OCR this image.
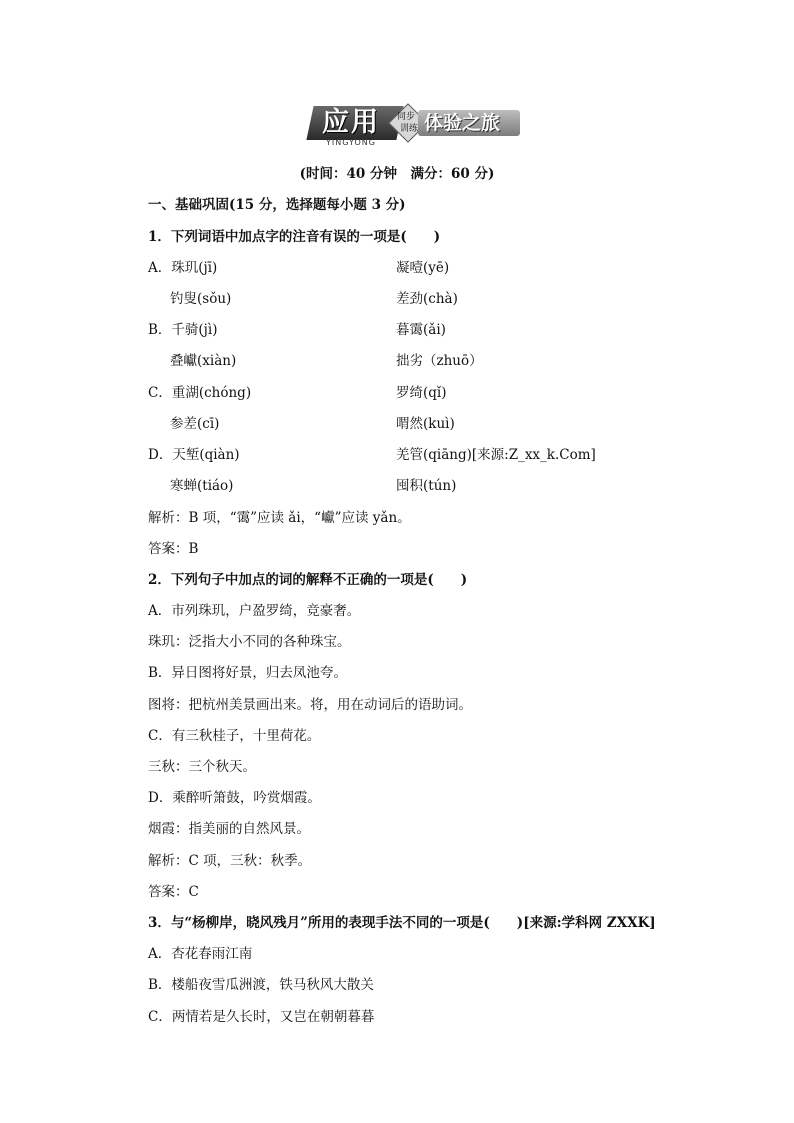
应用 同步
训练 体验之旅
YINGYONG
(时间：40 分钟　满分：60 分)
一、基础巩固(15 分，选择题每小题 3 分)
1．下列词语中加点字的注音有误的一项是(　　)
A．珠玑(jī)	凝噎(yē)
钓叟(sǒu)	差劲(chà)
B．千骑(jì)	暮霭(ǎi)
叠巘(xiàn)	拙劣（zhuō）
C．重湖(chóng)	罗绮(qǐ)
参差(cī)	喟然(kuì)
D．天堑(qiàn)	羌管(qiāng)[来源:Z_xx_k.Com]
寒蝉(tiáo)	囤积(tún)
解析：B 项，“霭”应读 ǎi，“巘”应读 yǎn。
答案：B
2．下列句子中加点的词的解释不正确的一项是(　　)
A．市列珠玑，户盈罗绮，竞豪奢。
珠玑：泛指大小不同的各种珠宝。
B．异日图将好景，归去凤池夸。
图将：把杭州美景画出来。将，用在动词后的语助词。
C．有三秋桂子，十里荷花。
三秋：三个秋天。
D．乘醉听箫鼓，吟赏烟霞。
烟霞：指美丽的自然风景。
解析：C 项，三秋：秋季。
答案：C
3．与“杨柳岸，晓风残月”所用的表现手法不同的一项是(　　)[来源:学科网 ZXXK]
A．杏花春雨江南
B．楼船夜雪瓜洲渡，铁马秋风大散关
C．两情若是久长时，又岂在朝朝暮暮
